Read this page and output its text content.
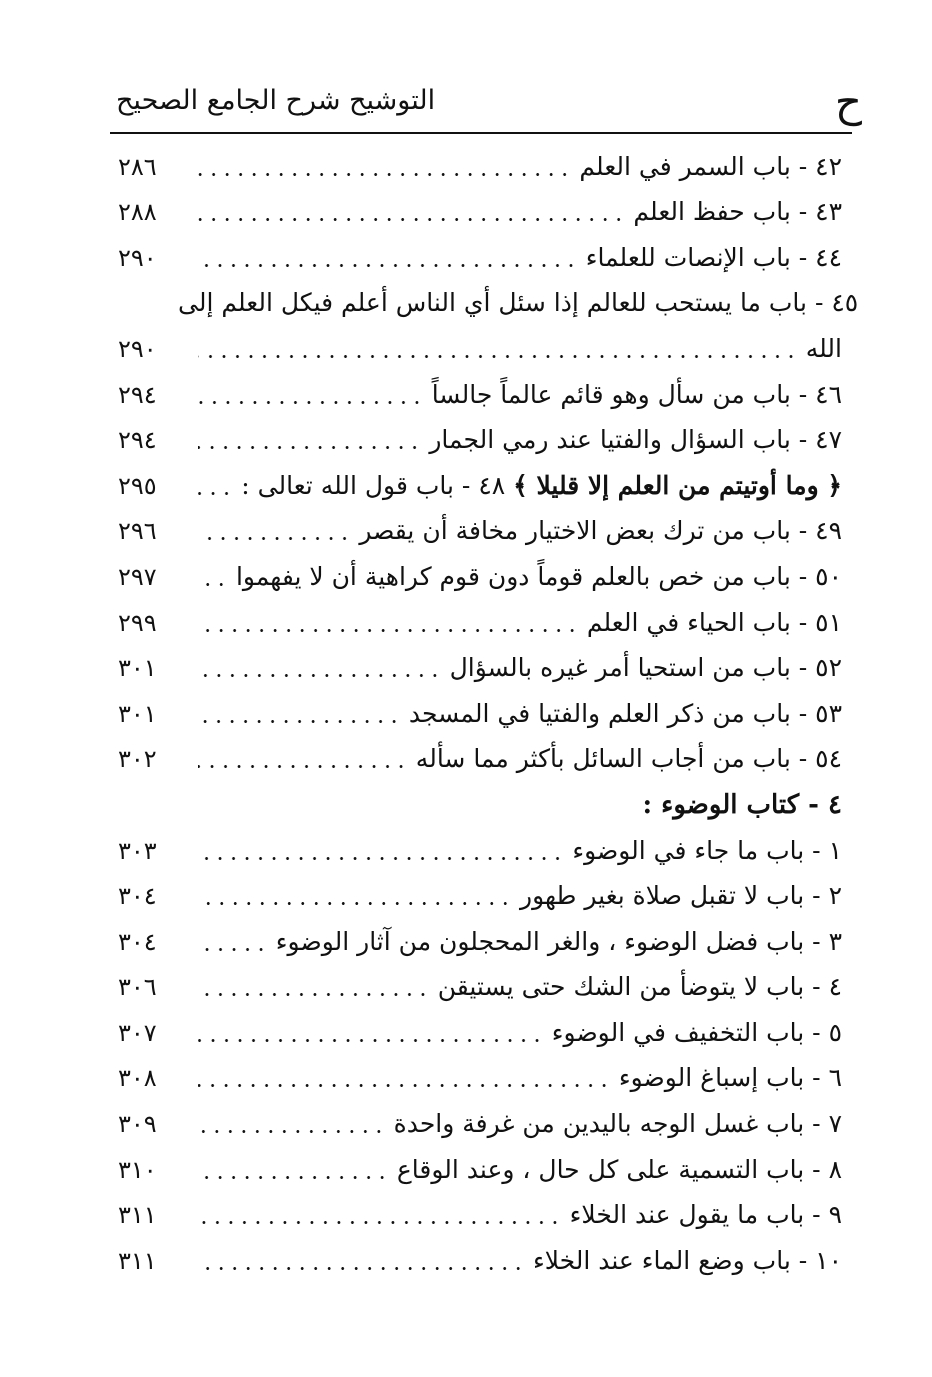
ح
التوشيح شرح الجامع الصحيح
٢٨٦	٤٢ - باب السمر في العلم
٢٨٨	٤٣ - باب حفظ العلم
٢٩٠	٤٤ - باب الإنصات للعلماء
٤٥ - باب ما يستحب للعالم إذا سئل أي الناس أعلم فيكل العلم إلى
٢٩٠	الله
٢٩٤	٤٦ - باب من سأل وهو قائم عالماً جالساً
٢٩٤	٤٧ - باب السؤال والفتيا عند رمي الجمار
٢٩٥	﴿ وما أوتيتم من العلم إلا قليلا ﴾ ٤٨ - باب قول الله تعالى :
٢٩٦	٤٩ - باب من ترك بعض الاختيار مخافة أن يقصر
٢٩٧	٥٠ - باب من خص بالعلم قوماً دون قوم كراهية أن لا يفهموا
٢٩٩	٥١ - باب الحياء في العلم
٣٠١	٥٢ - باب من استحيا أمر غيره بالسؤال
٣٠١	٥٣ - باب من ذكر العلم والفتيا في المسجد
٣٠٢	٥٤ - باب من أجاب السائل بأكثر مما سأله
٤ - كتاب الوضوء :
٣٠٣	١ - باب ما جاء في الوضوء
٣٠٤	٢ - باب لا تقبل صلاة بغير طهور
٣٠٤	٣ - باب فضل الوضوء ، والغر المحجلون من آثار الوضوء
٣٠٦	٤ - باب لا يتوضأ من الشك حتى يستيقن
٣٠٧	٥ - باب التخفيف في الوضوء
٣٠٨	٦ - باب إسباغ الوضوء
٣٠٩	٧ - باب غسل الوجه باليدين من غرفة واحدة
٣١٠	٨ - باب التسمية على كل حال ، وعند الوقاع
٣١١	٩ - باب ما يقول عند الخلاء
٣١١	١٠ - باب وضع الماء عند الخلاء
